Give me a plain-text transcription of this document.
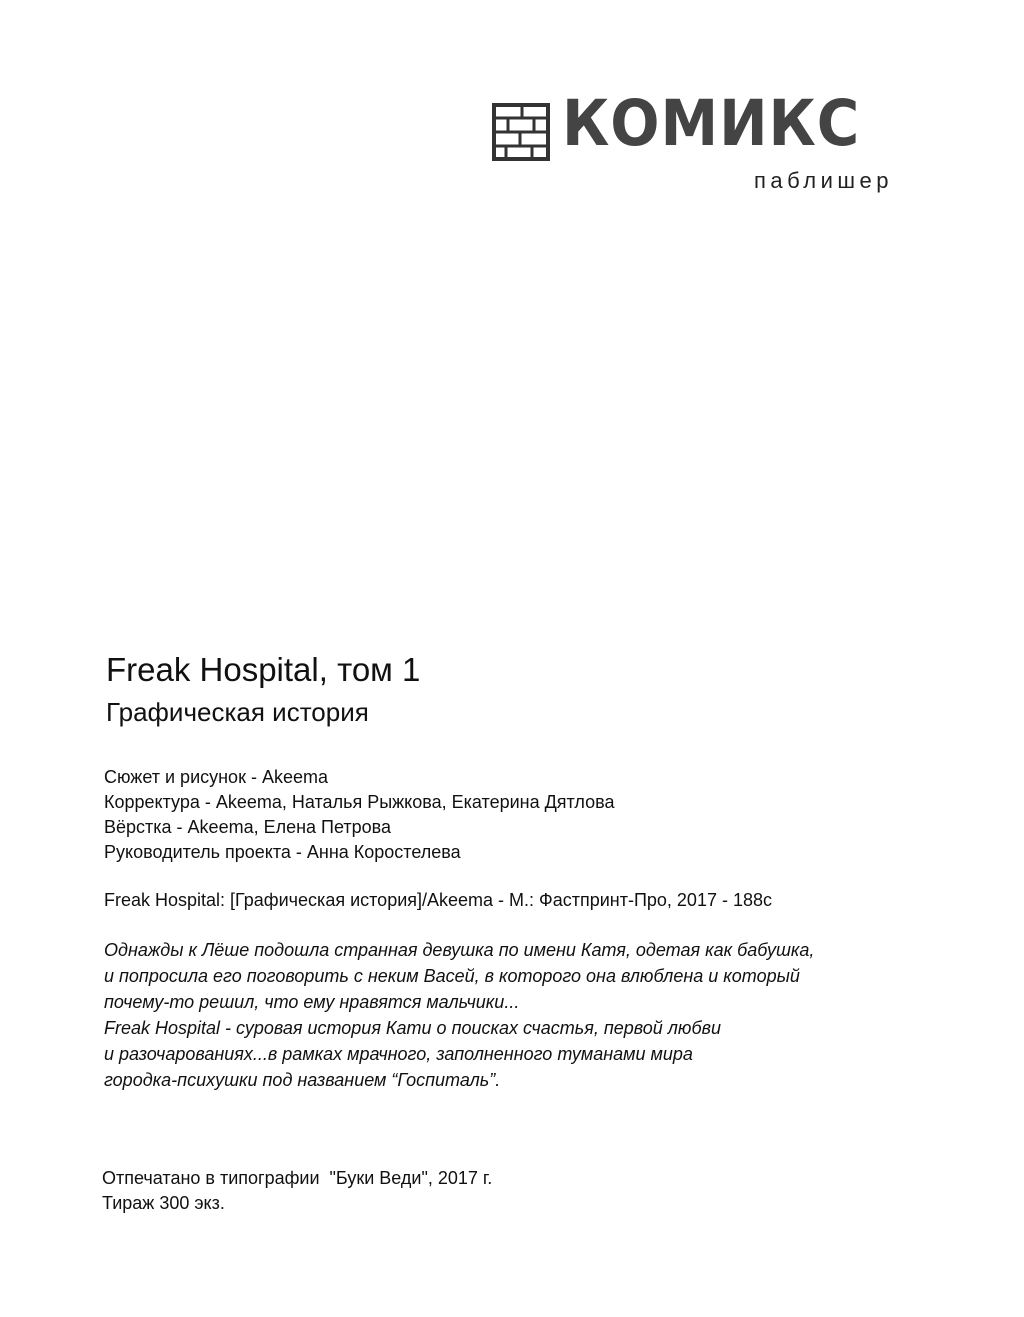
КОМИКС
паблишер
Freak Hospital, том 1
Графическая история
Сюжет и рисунок - Akeema
Корректура - Akeema, Наталья Рыжкова, Екатерина Дятлова
Вёрстка - Akeema, Елена Петрова
Руководитель проекта - Анна Коростелева
Freak Hospital: [Графическая история]/Akeema - М.: Фастпринт-Про, 2017 - 188с
Однажды к Лёше подошла странная девушка по имени Катя, одетая как бабушка,
и попросила его поговорить с неким Васей, в которого она влюблена и который
почему-то решил, что ему нравятся мальчики...
Freak Hospital - суровая история Кати о поисках счастья, первой любви
и разочарованиях...в рамках мрачного, заполненного туманами мира
городка-психушки под названием “Госпиталь”.
Отпечатано в типографии  "Буки Веди", 2017 г.
Тираж 300 экз.
